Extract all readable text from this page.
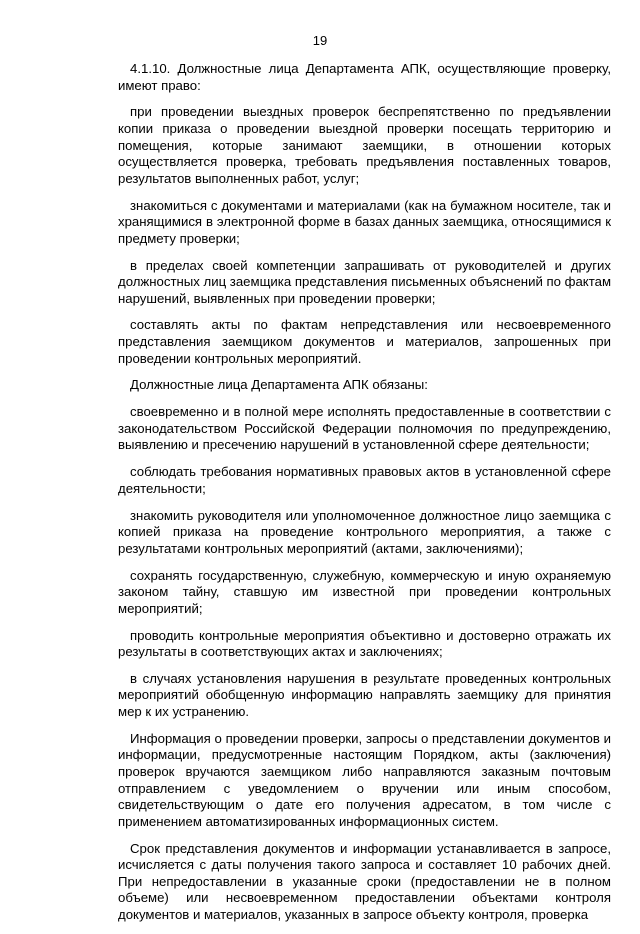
19

4.1.10. Должностные лица Департамента АПК, осуществляющие проверку, имеют право:

при проведении выездных проверок беспрепятственно по предъявлении копии приказа о проведении выездной проверки посещать территорию и помещения, которые занимают заемщики, в отношении которых осуществляется проверка, требовать предъявления поставленных товаров, результатов выполненных работ, услуг;

знакомиться с документами и материалами (как на бумажном носителе, так и хранящимися в электронной форме в базах данных заемщика, относящимися к предмету проверки;

в пределах своей компетенции запрашивать от руководителей и других должностных лиц заемщика представления письменных объяснений по фактам нарушений, выявленных при проведении проверки;

составлять акты по фактам непредставления или несвоевременного представления заемщиком документов и материалов, запрошенных при проведении контрольных мероприятий.

Должностные лица Департамента АПК обязаны:

своевременно и в полной мере исполнять предоставленные в соответствии с законодательством Российской Федерации полномочия по предупреждению, выявлению и пресечению нарушений в установленной сфере деятельности;

соблюдать требования нормативных правовых актов в установленной сфере деятельности;

знакомить руководителя или уполномоченное должностное лицо заемщика с копией приказа на проведение контрольного мероприятия, а также с результатами контрольных мероприятий (актами, заключениями);

сохранять государственную, служебную, коммерческую и иную охраняемую законом тайну, ставшую им известной при проведении контрольных мероприятий;

проводить контрольные мероприятия объективно и достоверно отражать их результаты в соответствующих актах и заключениях;

в случаях установления нарушения в результате проведенных контрольных мероприятий обобщенную информацию направлять заемщику для принятия мер к их устранению.

Информация о проведении проверки, запросы о представлении документов и информации, предусмотренные настоящим Порядком, акты (заключения) проверок вручаются заемщиком либо направляются заказным почтовым отправлением с уведомлением о вручении или иным способом, свидетельствующим о дате его получения адресатом, в том числе с применением автоматизированных информационных систем.

Срок представления документов и информации устанавливается в запросе, исчисляется с даты получения такого запроса и составляет 10 рабочих дней. При непредоставлении в указанные сроки (предоставлении не в полном объеме) или несвоевременном предоставлении объектами контроля документов и материалов, указанных в запросе объекту контроля, проверка
